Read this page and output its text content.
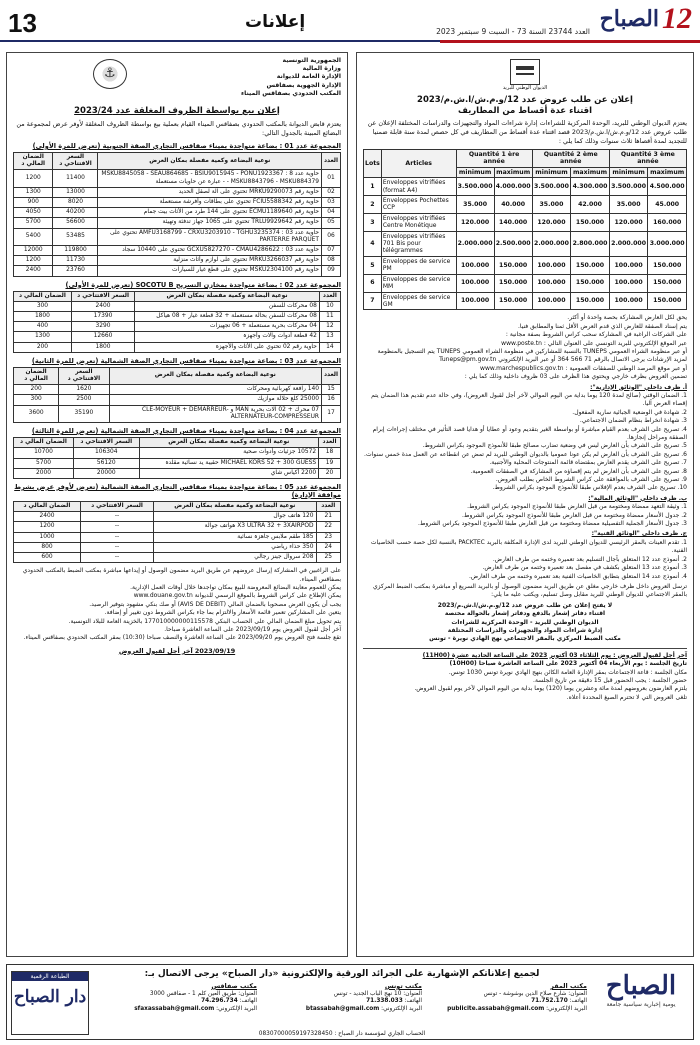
13	إعلانات	العدد 23744 السنة 73 - السبت 9 سبتمبر 2023 الصباح 12
الجمهورية التونسية
وزارة المالية
الإدارة العامة للديوانة
الإدارة الجهوية بصفاقس
المكتب الحدودي بصفاقس الميناء
⚓
إعلان بيع بواسطة الظروف المغلقة عدد 2023/24
يعتزم قابض الديوانة بالمكتب الحدودي بصفاقس الميناء القيام بعملية بيع بواسطة الظروف المغلقة لأوفر عرض لمجموعة من البضائع المبينة بالجدول التالي:
المجموعة عدد 01 : بضاعة متواجدة بميناء صفاقس التجاري الصفة الجنوبية (تعرض للمرة الأولى)
العدد	نوعية البضاعة وكمية مفصلة بمكان العرض	السعر الافتتاحي د	الضمان المالي د
01	حاوية عدد 8 : MSKU8845058 - SEAU864685 - BSIU9015945 - PONU1923367 - MSKU8843796 - MSKU884379 - عبارة عن حاويات مستعملة	11400	1200
02	حاوية رقم MRKU9290073 تحتوي على آلة لصقل الحديد	13000	1300
03	حاوية رقم FCIU5588342 تحتوي على بطاقات وأفرشة مستعملة	8020	900
04	حاوية رقم ECMU1189640 تحتوي على 144 طرد من الأثاث بيت جمام	40200	4050
05	حاوية رقم TRLU9929642 تحتوي على 1065 جهاز تدفئة وتهيئة	56600	5700
06	حاوية عدد 03 : AMFU3168799 - CRXU3203910 - TGHU3235374 تحتوي على PARTERRE PARQUET	53485	5400
07	حاوية عدد 03 : GCXU5827270 - CMAU4286622 تحتوي على 10440 سجاد	119800	12000
08	حاوية رقم MRKU3266037 تحتوي على لوازم وأثاث منزلية	11730	1200
09	حاوية رقم MSKU2304100 تحتوي على قطع غيار للسيارات	23760	2400
المجموعة عدد 02 : بضاعة متواجدة بمخازن التسريح SOCOTU B (تعرض للمرة الأولى)
العدد	نوعية البضاعة وكمية مفصلة بمكان العرض	السعر الافتتاحي د	الضمان المالي د
10	08 محركات للسفن	2400	300
11	08 محركات للسفن بحالة مستعملة + 32 قطعة غيار + 08 هياكل	17390	1800
12	04 محركات بحرية مستعملة + 06 تجهيزات	3290	400
13	42 قطعة أدوات وآلات وأجهزة	12660	1300
14	حاوية رقم 02 تحتوي على الأثاث والأجهزة	1800	200
المجموعة عدد 03 : بضاعة متواجدة بميناء صفاقس التجاري الصفة الشمالية (تعرض للمرة الثانية)
العدد	نوعية البضاعة وكمية مفصلة بمكان العرض	السعر الافتتاحي د	الضمان المالي د
15	140 رافعة كهربائية ومحركات	1620	200
16	25000 كلغ حلالة موازيك	2500	300
17	07 محرك + 02 آلات بحرية MAN و CLE-MOYEUR + DEMARREUR-ALTERNATEUR-COMPRESSEUR	35190	3600
المجموعة عدد 04 : بضاعة متواجدة بميناء صفاقس التجاري الصفة الشمالية (تعرض للمرة الثالثة)
العدد	نوعية البضاعة وكمية مفصلة بمكان العرض	السعر الافتتاحي د	الضمان المالي د
18	10572 جزئيات وأدوات صحية	106304	10700
19	MICHAEL KORS 52 + 300 GUESS حقيبة يد نسائية مقلدة	56120	5700
20	2200 أكياس شاي	20000	2000
المجموعة عدد 05 : بضاعة متواجدة بميناء صفاقس التجاري الصفة الشمالية (تعرض لأوفر عرض بشرط موافقة الإدارة)
العدد	نوعية البضاعة وكمية مفصلة بمكان العرض	السعر الافتتاحي د	الضمان المالي د
21	120 هاتف جوال	--	2400
22	X3 ULTRA 32 + 3XAIRPOD هواتف جوالة	--	1200
23	185 طقم ملابس جاهزة نسائية	--	1000
24	350 حذاء رياضي	--	800
25	208 سروال جينز رجالي	--	600
على الراغبين في المشاركة إرسال عروضهم عن طريق البريد مضمون الوصول أو إيداعها مباشرة بمكتب الضبط بالمكتب الحدودي بصفاقس الميناء.
يمكن للعموم معاينة البضائع المعروضة للبيع بمكان تواجدها خلال أوقات العمل الإدارية.
يمكن الإطلاع على كراس الشروط بالموقع الرسمي للديوانة www.douane.gov.tn
يجب أن يكون العرض مصحوبا بالضمان المالي (AVIS DE DEBIT) أو صك بنكي مشهود بتوفير الرصيد.
يتعين على المشاركين تعمير قائمة الأسعار والالتزام بما جاء بكراس الشروط دون تغيير أو إضافة.
يتم تحويل مبلغ الضمان المالي على الحساب البنكي 177010000000115578 بالخزينة العامة للبلاد التونسية.
آخر أجل لقبول العروض يوم 2023/09/19 على الساعة العاشرة صباحا.
تقع جلسة فتح العروض يوم 2023/09/20 على الساعة العاشرة والنصف صباحا (10:30) بمقر المكتب الحدودي بصفاقس الميناء.
2023/09/19 آخر أجل لقبول العروض
الديوان الوطني للبريد
إعلان عن طلب عروض عدد 12/و.م.ش/ا.ش.م/2023
اقتناء عدة أقساط من المطاريف
يعتزم الديوان الوطني للبريد، الوحدة المركزية للشراءات إدارة شراءات المواد والتجهيزات والدراسات المختلفة الإعلان عن طلب عروض عدد 12/و.م.ش/ا.ش.م/2023 قصد اقتناء عدة أقساط من المطاريف في كل حصص لمدة سنة قابلة ضمنيا للتجديد لمدة أقصاها ثلاث سنوات وذلك كما يلي :
Lots	Articles	Quantité 1 ère année		Quantité 2 ème année		Quantité 3 ème année	
		minimum	maximum	minimum	maximum	minimum	maximum
1	Enveloppes vitrifiées (format A4)	3.500.000	4.000.000	3.500.000	4.300.000	3.500.000	4.500.000
2	Enveloppes Pochettes CCP	35.000	40.000	35.000	42.000	35.000	45.000
3	Enveloppes vitrifiées Centre Monétique	120.000	140.000	120.000	150.000	120.000	160.000
4	Enveloppes vitrifiées 701 Bis pour télégrammes	2.000.000	2.500.000	2.000.000	2.800.000	2.000.000	3.000.000
5	Enveloppes de service PM	100.000	150.000	100.000	150.000	100.000	150.000
6	Enveloppes de service MM	100.000	150.000	100.000	150.000	100.000	150.000
7	Enveloppes de service GM	100.000	150.000	100.000	150.000	100.000	150.000
يحق لكل العارض المشاركة بحصة واحدة أو أكثر.
يتم إسناد الصفقة للعارض الذي قدم العرض الأقل ثمنا والمطابق فنيا.
على الشركات الراغبة في المشاركة سحب كراس الشروط بصفة مجانية :
عبر الموقع الإلكتروني للبريد التونسي على العنوان التالي : www.poste.tn
أو عبر منظومة الشراء العمومي TUNEPS بالنسبة للمشاركين في منظومة الشراء العمومي TUNEPS يتم التسجيل بالمنظومة لمزيد الإرشادات يرجى الاتصال بالرقم 71 566 364 أو عبر البريد الإلكتروني Tuneps@pm.gov.tn
أو عبر موقع المرصد الوطني للصفقات العمومية : www.marchespublics.gov.tn
تضمين العروض بظرف خارجي ويحتوي هذا الظرف على 03 ظروف داخلية وذلك كما يلي :
أ. ظرف داخلي "الوثائق الإدارية":
1. الضمان الوقتي (صالح لمدة 120 يوما بداية من اليوم الموالي لآخر أجل لقبول العروض)، وفي حالة عدم تقديم هذا الضمان يتم إقصاء العرض آليا.
2. شهادة في الوضعية الجبائية سارية المفعول.
3. شهادة انخراط بنظام الضمان الاجتماعي.
4. تصريح على الشرف بعدم القيام مباشرة أو بواسطة الغير بتقديم وعود أو عطايا أو هدايا قصد التأثير في مختلف إجراءات إبرام الصفقة ومراحل إنجازها.
5. تصريح على الشرف بأن العارض ليس في وضعية تضارب مصالح طبقا للأنموذج الموجود بكراس الشروط.
6. تصريح على الشرف بأن العارض لم يكن عونا عموميا بالديوان الوطني للبريد لم تمض عن انقطاعه عن العمل مدة خمس سنوات.
7. تصريح على الشرف يقدم العارض بمقتضاه قائمة المنتوجات المحلية والأجنبية.
8. تصريح على الشرف بأن العارض لم يتم إقصاؤه من المشاركة في الصفقات العمومية.
9. تصريح على الشرف بالموافقة على كراس الشروط الخاص بطلب العروض.
10. تصريح على الشرف بعدم الإفلاس طبقا للأنموذج الموجود بكراس الشروط.
ب. ظرف داخلي "الوثائق المالية":
1. وثيقة التعهد ممضاة ومختومة من قبل العارض طبقا للأنموذج الموجود بكراس الشروط.
2. جدول الأسعار ممضاة ومختومة من قبل العارض طبقا للأنموذج الموجود بكراس الشروط.
3. جدول الأسعار الجملية التفصيلية ممضاة ومختومة من قبل العارض طبقا للأنموذج الموجود بكراس الشروط.
ج. ظرف داخلي "الوثائق الفنية":
1. تقدم العينات بالمقر الرئيسي للديوان الوطني للبريد لدى الإدارة المكلفة بالبريد PACKTEC بالنسبة لكل حصة حسب الخاصيات الفنية.
2. أنموذج عدد 12 المتعلق بآجال التسليم بعد تعميره وختمه من طرف العارض.
3. أنموذج عدد 13 المتعلق بكشف في مفصل بعد تعميره وختمه من طرف العارض.
4. أنموذج عدد 14 المتعلق بتطابق الخاصيات الفنية بعد تعميره وختمه من طرف العارض.
ترسل العروض داخل ظرف خارجي مغلق عن طريق البريد مضمون الوصول أو بالبريد السريع أو مباشرة بمكتب الضبط المركزي بالمقر الاجتماعي للديوان الوطني للبريد مقابل وصل تسليم، ويكتب عليه ما يلي:
لا يفتح إعلان عن طلب عروض عدد 12/و.م.ش/ا.ش.م/2023
اقتناء دفاتر إشعار بالدفع ودفاتر إشعار بالحوالة مختصة
الديوان الوطني للبريد - الوحدة المركزية للشراءات
إدارة شراءات المواد والتجهيزات والدراسات المختلفة
مكتب الضبط المركزي بالمقر الاجتماعي نهج الهادي نويرة - تونس
آخر أجل لقبول العروض : يوم الثلاثاء 03 أكتوبر 2023 على الساعة الحادية عشرة (11H00)
تاريخ الجلسة : يوم الأربعاء 04 أكتوبر 2023 على الساعة العاشرة صباحا (10H00)
مكان الجلسة : قاعة الاجتماعات بمقر الإدارة العامة الكائن بنهج الهادي نويرة تونس 1030 تونس.
حضور الجلسة : يجب الحضور قبل 15 دقيقة من تاريخ الجلسة.
يلتزم العارضون بعروضهم لمدة مائة وعشرين يوما (120) يوما بداية من اليوم الموالي لآخر يوم لقبول العروض.
تلغى العروض التي لا تحترم الصيغ المحددة أعلاه.
الطباعة الرقمية
دار الصباح
لجميع إعلاناتكم الإشهارية على الجرائد الورقية والإلكترونية «دار الصباح» يرجى الاتصال بـ:
مكتب المقر
العنوان: شارع صلاح الدين بوشوشة - تونس
الهاتف: 71.752.170
البريد الإلكتروني: publicite.assabah@gmail.com
مكتب تونس
العنوان: 10 نهج الباب الجديد - تونس
الهاتف: 71.338.033
البريد الإلكتروني: btassabah@gmail.com
مكتب صفاقس
العنوان: طريق العين كلم 1 - صفاقس 3000
الهاتف: 74.296.734
البريد الإلكتروني: sfaxassabah@gmail.com
الحساب الجاري لمؤسسة دار الصباح : 08307000059197328450
الصباح
يومية إخبارية سياسية جامعة
